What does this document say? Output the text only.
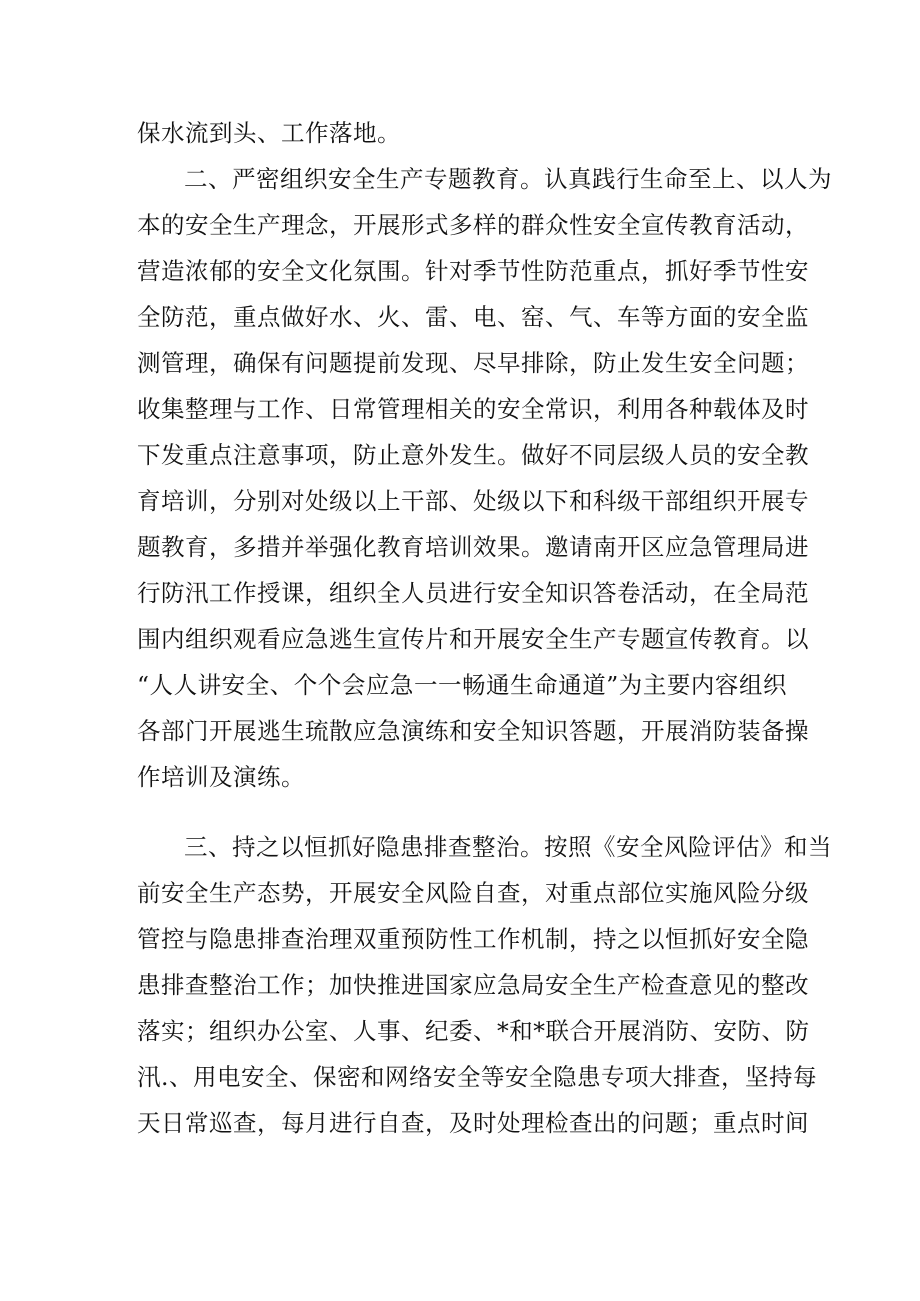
保水流到头、工作落地。
二、严密组织安全生产专题教育。认真践行生命至上、以人为
本的安全生产理念，开展形式多样的群众性安全宣传教育活动，
营造浓郁的安全文化氛围。针对季节性防范重点，抓好季节性安
全防范，重点做好水、火、雷、电、窑、气、车等方面的安全监
测管理，确保有问题提前发现、尽早排除，防止发生安全问题；
收集整理与工作、日常管理相关的安全常识，利用各种载体及时
下发重点注意事项，防止意外发生。做好不同层级人员的安全教
育培训，分别对处级以上干部、处级以下和科级干部组织开展专
题教育，多措并举强化教育培训效果。邀请南开区应急管理局进
行防汛工作授课，组织全人员进行安全知识答卷活动，在全局范
围内组织观看应急逃生宣传片和开展安全生产专题宣传教育。以
“人人讲安全、个个会应急一一畅通生命通道”为主要内容组织
各部门开展逃生琉散应急演练和安全知识答题，开展消防装备操
作培训及演练。
三、持之以恒抓好隐患排查整治。按照《安全风险评估》和当
前安全生产态势，开展安全风险自查，对重点部位实施风险分级
管控与隐患排查治理双重预防性工作机制，持之以恒抓好安全隐
患排查整治工作；加快推进国家应急局安全生产检查意见的整改
落实；组织办公室、人事、纪委、*和*联合开展消防、安防、防
汛.、用电安全、保密和网络安全等安全隐患专项大排查，坚持每
天日常巡查，每月进行自查，及时处理检查出的问题；重点时间
